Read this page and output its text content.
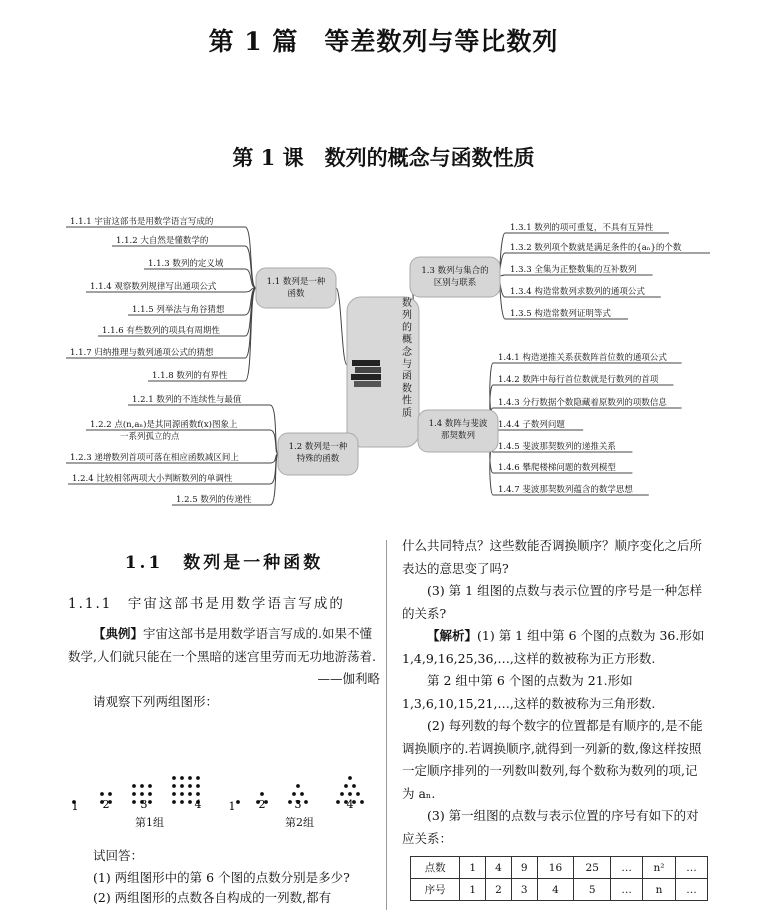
第 1 篇　等差数列与等比数列
第 1 课　数列的概念与函数性质
数列的概念与函数性质
1.1 数列是一种
函数
1.2 数列是一种
特殊的函数
1.3 数列与集合的
区别与联系
1.4 数阵与斐波
那契数列
1.1.1 宇宙这部书是用数学语言写成的
1.1.2 大自然是懂数学的
1.1.3 数列的定义域
1.1.4 观察数列规律写出通项公式
1.1.5 列举法与角谷猜想
1.1.6 有些数列的项具有周期性
1.1.7 归纳推理与数列通项公式的猜想
1.1.8 数列的有界性
1.2.1 数列的不连续性与最值
1.2.2 点(n,aₙ)是其同源函数f(x)图象上
一系列孤立的点
1.2.3 递增数列首项可落在相应函数减区间上
1.2.4 比较相邻两项大小判断数列的单调性
1.2.5 数列的传递性
1.3.1 数列的项可重复，不具有互异性
1.3.2 数列项个数就是满足条件的{aₙ}的个数
1.3.3 全集为正整数集的互补数列
1.3.4 构造常数列求数列的通项公式
1.3.5 构造常数列证明等式
1.4.1 构造递推关系获数阵首位数的通项公式
1.4.2 数阵中每行首位数就是行数列的首项
1.4.3 分行数据个数隐藏着原数列的项数信息
1.4.4 子数列问题
1.4.5 斐波那契数列的递推关系
1.4.6 攀爬楼梯问题的数列模型
1.4.7 斐波那契数列蕴含的数学思想
1.1　数列是一种函数
1.1.1　宇宙这部书是用数学语言写成的

【典例】宇宙这部书是用数学语言写成的.如果不懂数学,人们就只能在一个黑暗的迷宫里劳而无功地游荡着.

——伽利略

请观察下列两组图形：

1 2	3	4 1 2	3	4
第1组	第2组

试回答：

(1) 两组图形中的第 6 个图的点数分别是多少?

(2) 两组图形的点数各自构成的一列数,都有

什么共同特点？这些数能否调换顺序？顺序变化之后所表达的意思变了吗?

(3) 第 1 组图的点数与表示位置的序号是一种怎样的关系?

【解析】(1) 第 1 组中第 6 个图的点数为 36.形如 1,4,9,16,25,36,…,这样的数被称为正方形数.

第 2 组中第 6 个图的点数为 21.形如 1,3,6,10,15,21,…,这样的数被称为三角形数.

(2) 每列数的每个数字的位置都是有顺序的,是不能调换顺序的.若调换顺序,就得到一列新的数,像这样按照一定顺序排列的一列数叫数列,每个数称为数列的项,记为 aₙ.

(3) 第一组图的点数与表示位置的序号有如下的对应关系：

点数	1	4	9	16	25	…	n²	…
序号	1	2	3	4	5	…	n	…
